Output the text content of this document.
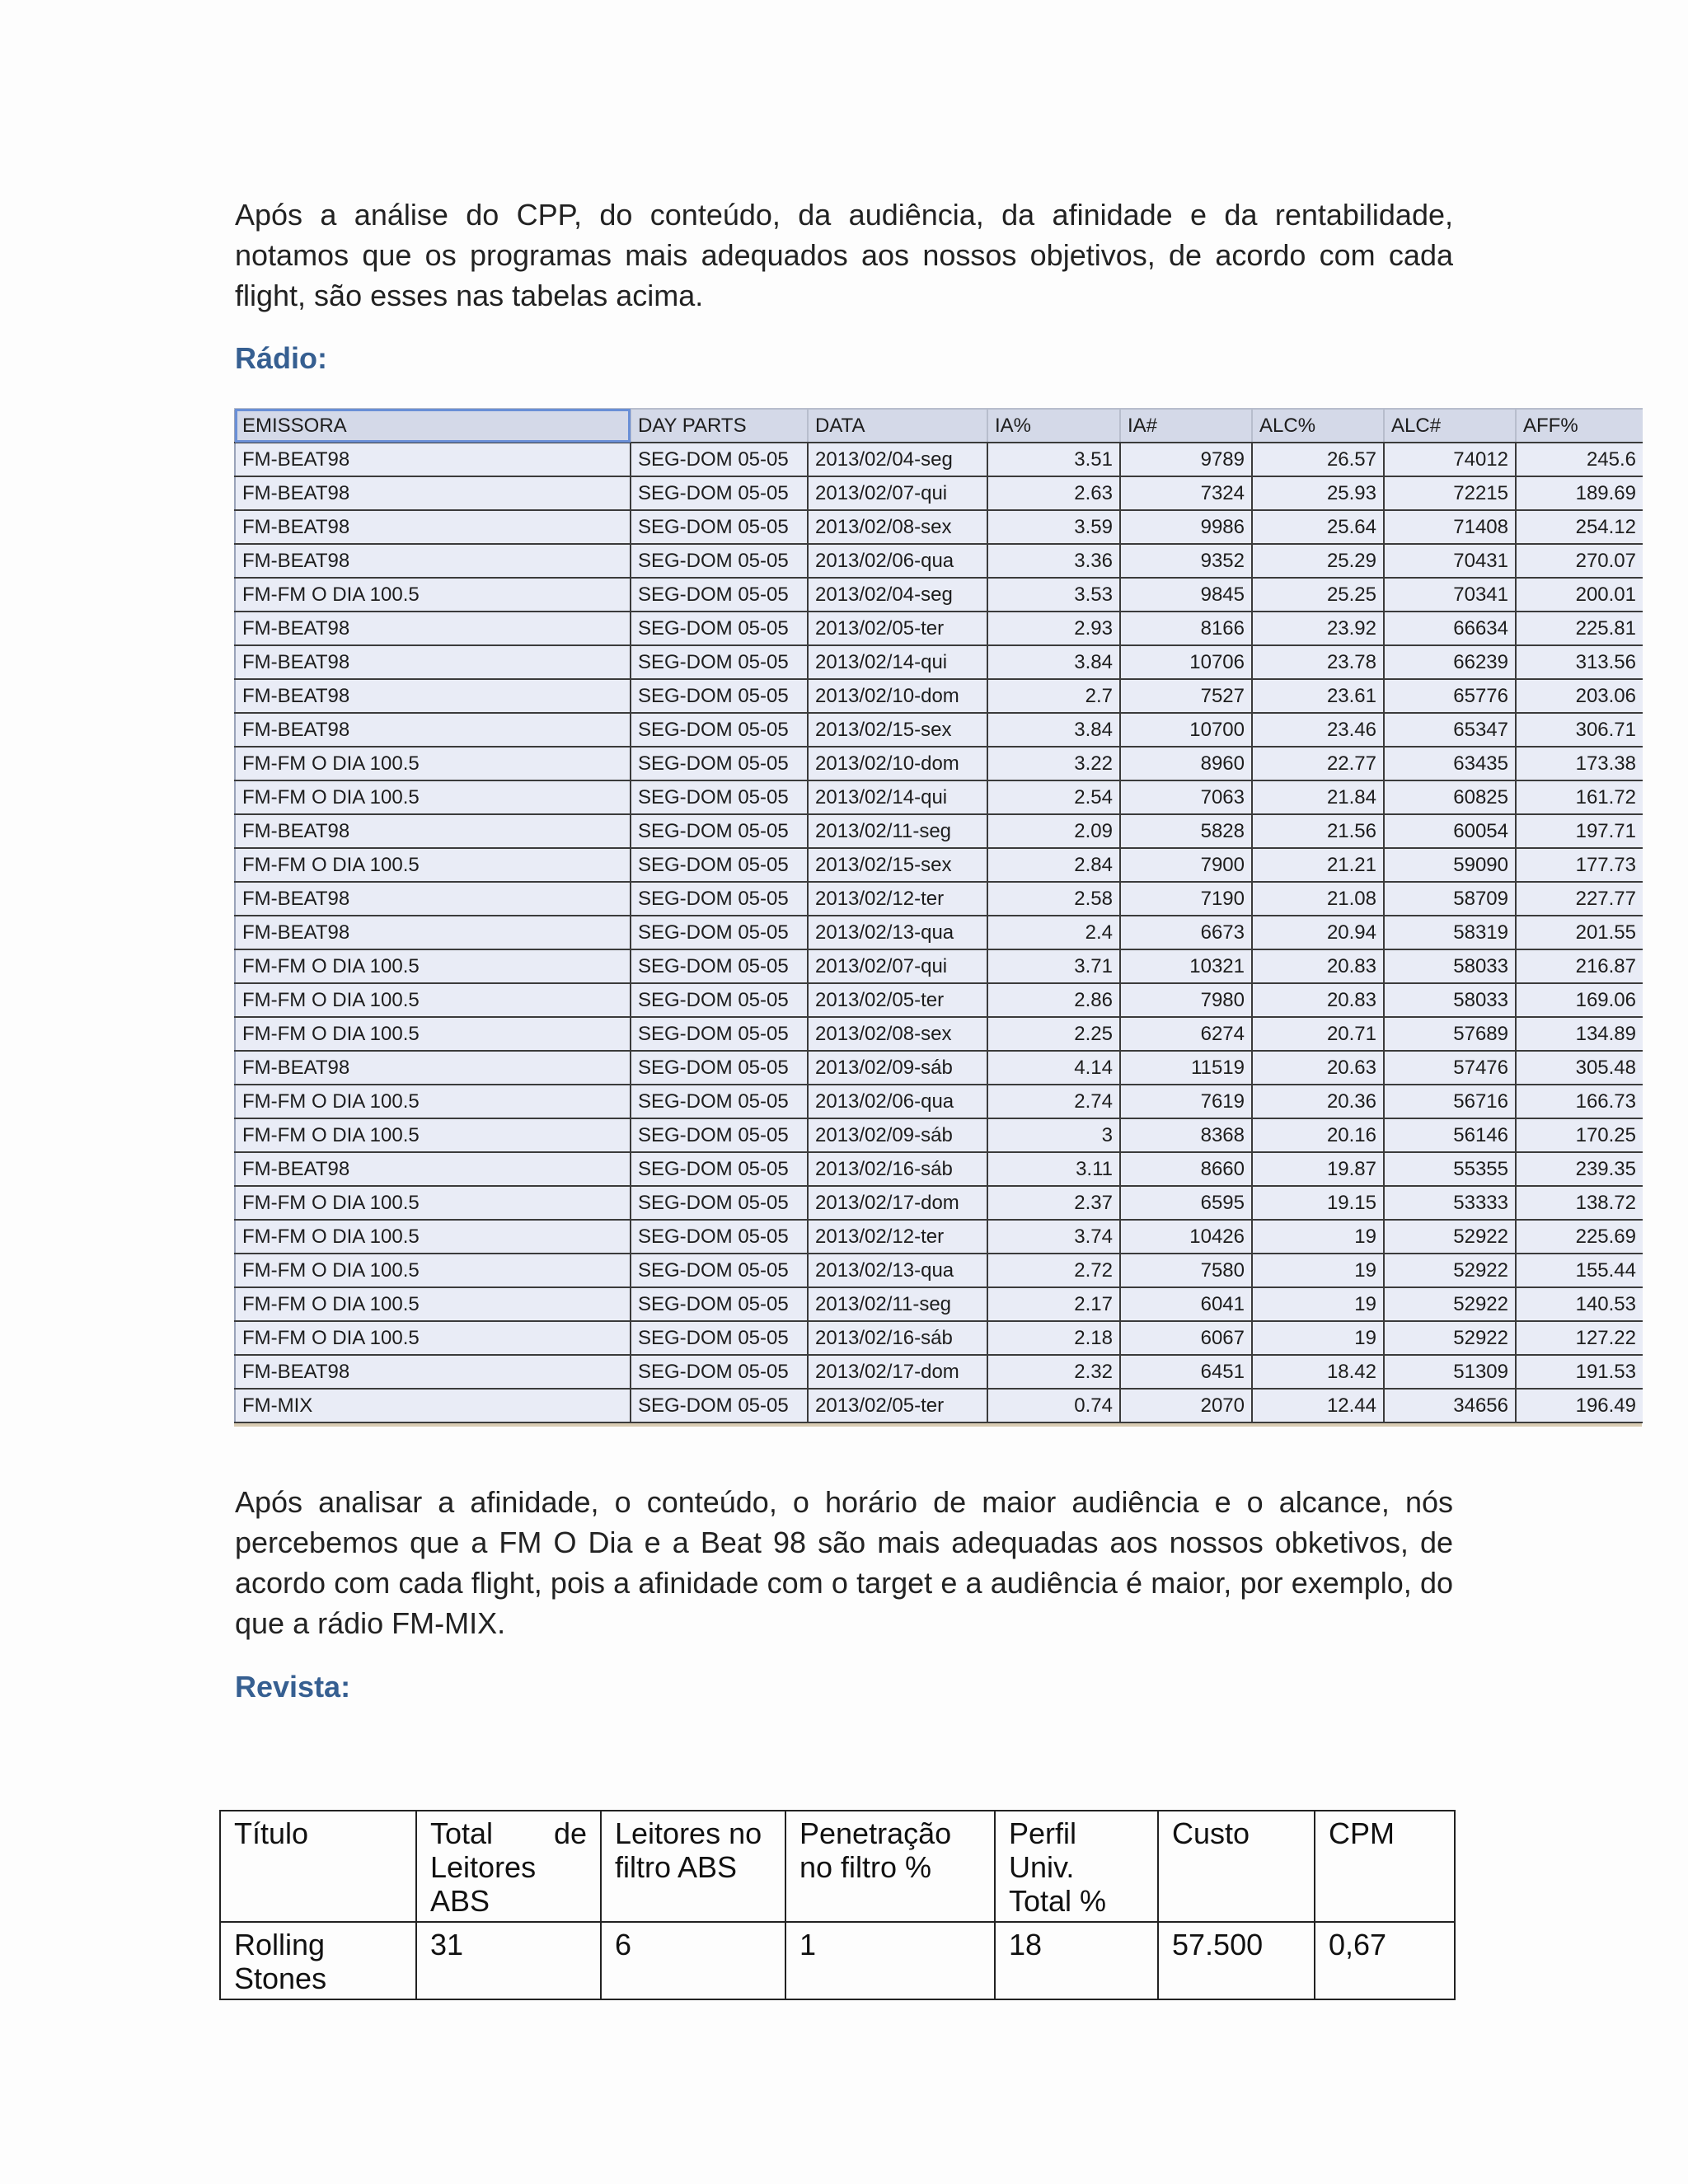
Após a análise do CPP, do conteúdo, da audiência, da afinidade e da rentabilidade, notamos que os programas mais adequados aos nossos objetivos, de acordo com cada flight, são esses nas tabelas acima.

Rádio:
EMISSORA	DAY PARTS	DATA	IA%	IA#	ALC%	ALC#	AFF%
FM-BEAT98	SEG-DOM 05-05	2013/02/04-seg	3.51	9789	26.57	74012	245.6
FM-BEAT98	SEG-DOM 05-05	2013/02/07-qui	2.63	7324	25.93	72215	189.69
FM-BEAT98	SEG-DOM 05-05	2013/02/08-sex	3.59	9986	25.64	71408	254.12
FM-BEAT98	SEG-DOM 05-05	2013/02/06-qua	3.36	9352	25.29	70431	270.07
FM-FM O DIA 100.5	SEG-DOM 05-05	2013/02/04-seg	3.53	9845	25.25	70341	200.01
FM-BEAT98	SEG-DOM 05-05	2013/02/05-ter	2.93	8166	23.92	66634	225.81
FM-BEAT98	SEG-DOM 05-05	2013/02/14-qui	3.84	10706	23.78	66239	313.56
FM-BEAT98	SEG-DOM 05-05	2013/02/10-dom	2.7	7527	23.61	65776	203.06
FM-BEAT98	SEG-DOM 05-05	2013/02/15-sex	3.84	10700	23.46	65347	306.71
FM-FM O DIA 100.5	SEG-DOM 05-05	2013/02/10-dom	3.22	8960	22.77	63435	173.38
FM-FM O DIA 100.5	SEG-DOM 05-05	2013/02/14-qui	2.54	7063	21.84	60825	161.72
FM-BEAT98	SEG-DOM 05-05	2013/02/11-seg	2.09	5828	21.56	60054	197.71
FM-FM O DIA 100.5	SEG-DOM 05-05	2013/02/15-sex	2.84	7900	21.21	59090	177.73
FM-BEAT98	SEG-DOM 05-05	2013/02/12-ter	2.58	7190	21.08	58709	227.77
FM-BEAT98	SEG-DOM 05-05	2013/02/13-qua	2.4	6673	20.94	58319	201.55
FM-FM O DIA 100.5	SEG-DOM 05-05	2013/02/07-qui	3.71	10321	20.83	58033	216.87
FM-FM O DIA 100.5	SEG-DOM 05-05	2013/02/05-ter	2.86	7980	20.83	58033	169.06
FM-FM O DIA 100.5	SEG-DOM 05-05	2013/02/08-sex	2.25	6274	20.71	57689	134.89
FM-BEAT98	SEG-DOM 05-05	2013/02/09-sáb	4.14	11519	20.63	57476	305.48
FM-FM O DIA 100.5	SEG-DOM 05-05	2013/02/06-qua	2.74	7619	20.36	56716	166.73
FM-FM O DIA 100.5	SEG-DOM 05-05	2013/02/09-sáb	3	8368	20.16	56146	170.25
FM-BEAT98	SEG-DOM 05-05	2013/02/16-sáb	3.11	8660	19.87	55355	239.35
FM-FM O DIA 100.5	SEG-DOM 05-05	2013/02/17-dom	2.37	6595	19.15	53333	138.72
FM-FM O DIA 100.5	SEG-DOM 05-05	2013/02/12-ter	3.74	10426	19	52922	225.69
FM-FM O DIA 100.5	SEG-DOM 05-05	2013/02/13-qua	2.72	7580	19	52922	155.44
FM-FM O DIA 100.5	SEG-DOM 05-05	2013/02/11-seg	2.17	6041	19	52922	140.53
FM-FM O DIA 100.5	SEG-DOM 05-05	2013/02/16-sáb	2.18	6067	19	52922	127.22
FM-BEAT98	SEG-DOM 05-05	2013/02/17-dom	2.32	6451	18.42	51309	191.53
FM-MIX	SEG-DOM 05-05	2013/02/05-ter	0.74	2070	12.44	34656	196.49

Após analisar a afinidade, o conteúdo, o horário de maior audiência e o alcance, nós percebemos que a FM O Dia e a Beat 98 são mais adequadas aos nossos obketivos, de acordo com cada flight, pois a afinidade com o target e a audiência é maior, por exemplo, do que a rádio FM-MIX.

Revista:
Título	Total de Leitores ABS	Leitores no filtro ABS	Penetração no filtro %	Perfil Univ. Total %	Custo	CPM
Rolling Stones	31	6	1	18	57.500	0,67
